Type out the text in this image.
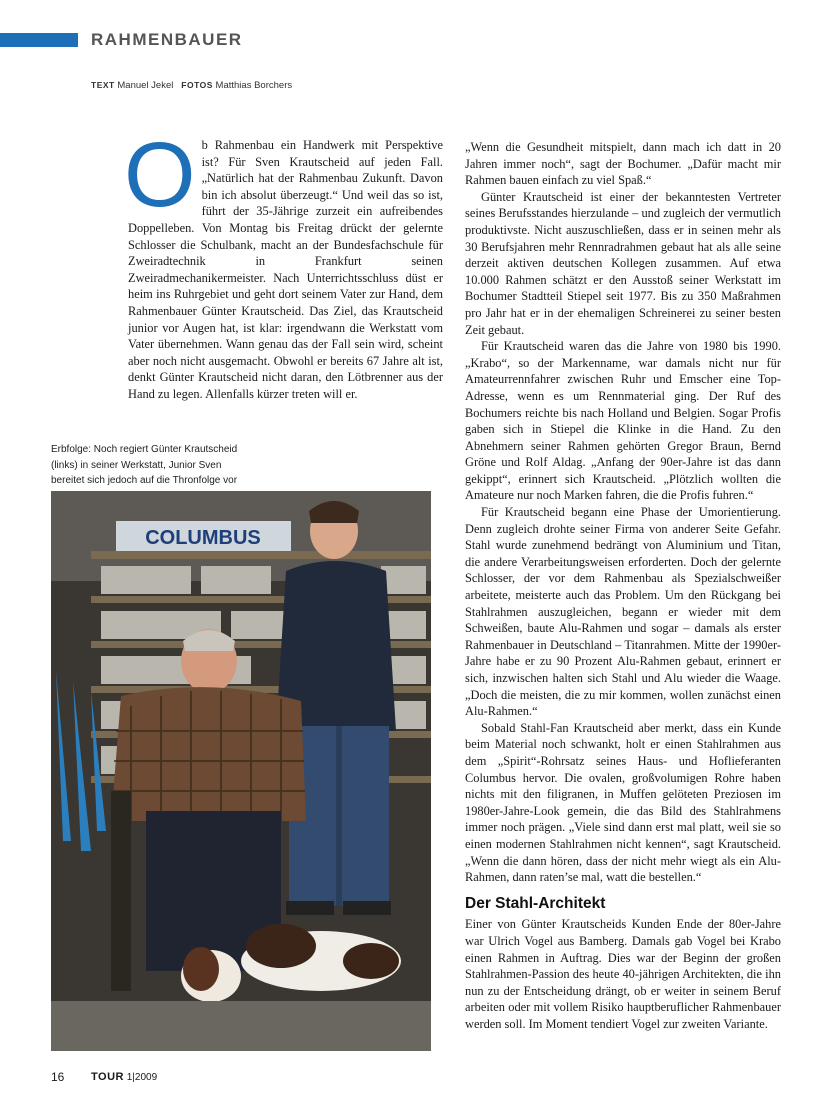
RAHMENBAUER
TEXT Manuel Jekel FOTOS Matthias Borchers
O b Rahmenbau ein Handwerk mit Perspektive ist? Für Sven Krautscheid auf jeden Fall. „Natürlich hat der Rahmenbau Zukunft. Davon bin ich absolut überzeugt.“ Und weil das so ist, führt der 35-Jährige zurzeit ein aufreibendes Doppelleben. Von Montag bis Freitag drückt der gelernte Schlosser die Schulbank, macht an der Bundesfachschule für Zweiradtechnik in Frankfurt seinen Zweiradmechanikermeister. Nach Unterrichtsschluss düst er heim ins Ruhrgebiet und geht dort seinem Vater zur Hand, dem Rahmenbauer Günter Krautscheid. Das Ziel, das Krautscheid junior vor Augen hat, ist klar: irgendwann die Werkstatt vom Vater übernehmen. Wann genau das der Fall sein wird, scheint aber noch nicht ausgemacht. Obwohl er bereits 67 Jahre alt ist, denkt Günter Krautscheid nicht daran, den Lötbrenner aus der Hand zu legen. Allenfalls kürzer treten will er.

Erbfolge: Noch regiert Günter Krautscheid
(links) in seiner Werkstatt, Junior Sven
bereitet sich jedoch auf die Thronfolge vor
COLUMBUS

„Wenn die Gesundheit mitspielt, dann mach ich datt in 20 Jahren immer noch“, sagt der Bochumer. „Dafür macht mir Rahmen bauen einfach zu viel Spaß.“

Günter Krautscheid ist einer der bekanntesten Vertreter seines Berufsstandes hierzulande – und zugleich der vermutlich produktivste. Nicht auszuschließen, dass er in seinen mehr als 30 Berufsjahren mehr Rennradrahmen gebaut hat als alle seine derzeit aktiven deutschen Kollegen zusammen. Auf etwa 10.000 Rahmen schätzt er den Ausstoß seiner Werkstatt im Bochumer Stadtteil Stiepel seit 1977. Bis zu 350 Maßrahmen pro Jahr hat er in der ehemaligen Schreinerei zu seiner besten Zeit gebaut.

Für Krautscheid waren das die Jahre von 1980 bis 1990. „Krabo“, so der Markenname, war damals nicht nur für Amateurrennfahrer zwischen Ruhr und Emscher eine Top-Adresse, wenn es um Rennmaterial ging. Der Ruf des Bochumers reichte bis nach Holland und Belgien. Sogar Profis gaben sich in Stiepel die Klinke in die Hand. Zu den Abnehmern seiner Rahmen gehörten Gregor Braun, Bernd Gröne und Rolf Aldag. „Anfang der 90er-Jahre ist das dann gekippt“, erinnert sich Krautscheid. „Plötzlich wollten die Amateure nur noch Marken fahren, die die Profis fuhren.“

Für Krautscheid begann eine Phase der Umorientierung. Denn zugleich drohte seiner Firma von anderer Seite Gefahr. Stahl wurde zunehmend bedrängt von Aluminium und Titan, die andere Verarbeitungsweisen erforderten. Doch der gelernte Schlosser, der vor dem Rahmenbau als Spezialschweißer arbeitete, meisterte auch das Problem. Um den Rückgang bei Stahlrahmen auszugleichen, begann er wieder mit dem Schweißen, baute Alu-Rahmen und sogar – damals als erster Rahmenbauer in Deutschland – Titanrahmen. Mitte der 1990er-Jahre habe er zu 90 Prozent Alu-Rahmen gebaut, erinnert er sich, inzwischen halten sich Stahl und Alu wieder die Waage. „Doch die meisten, die zu mir kommen, wollen zunächst einen Alu-Rahmen.“

Sobald Stahl-Fan Krautscheid aber merkt, dass ein Kunde beim Material noch schwankt, holt er einen Stahlrahmen aus dem „Spirit“-Rohrsatz seines Haus- und Hoflieferanten Columbus hervor. Die ovalen, großvolumigen Rohre haben nichts mit den filigranen, in Muffen gelöteten Preziosen im 1980er-Jahre-Look gemein, die das Bild des Stahlrahmens immer noch prägen. „Viele sind dann erst mal platt, weil sie so einen modernen Stahlrahmen nicht kennen“, sagt Krautscheid. „Wenn die dann hören, dass der nicht mehr wiegt als ein Alu-Rahmen, dann raten’se mal, watt die bestellen.“

Der Stahl-Architekt

Einer von Günter Krautscheids Kunden Ende der 80er-Jahre war Ulrich Vogel aus Bamberg. Damals gab Vogel bei Krabo einen Rahmen in Auftrag. Dies war der Beginn der großen Stahlrahmen-Passion des heute 40-jährigen Architekten, die ihn nun zu der Entscheidung drängt, ob er weiter in seinem Beruf arbeiten oder mit vollem Risiko hauptberuflicher Rahmenbauer werden soll. Im Moment tendiert Vogel zur zweiten Variante.

16 TOUR 1|2009
